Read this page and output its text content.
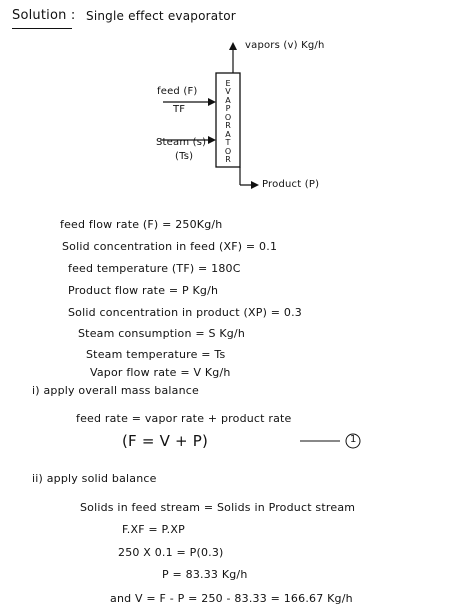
Solution : Single effect evaporator
E
V
A
P
O
R
A
T
O
R
vapors (v) Kg/h
feed (F)
TF
Steam (s)
(Ts)
Product (P)
feed flow rate (F) = 250Kg/h
Solid concentration in feed (XF) = 0.1
feed temperature (TF) = 180C
Product flow rate = P Kg/h
Solid concentration in product (XP) = 0.3
Steam consumption = S Kg/h
Steam temperature = Ts
Vapor flow rate = V Kg/h
i) apply overall mass balance
feed rate = vapor rate + product rate
(F = V + P)	1
ii) apply solid balance
Solids in feed stream = Solids in Product stream
F.XF = P.XP
250 X 0.1 = P(0.3)
P = 83.33 Kg/h
and V = F - P = 250 - 83.33 = 166.67 Kg/h
